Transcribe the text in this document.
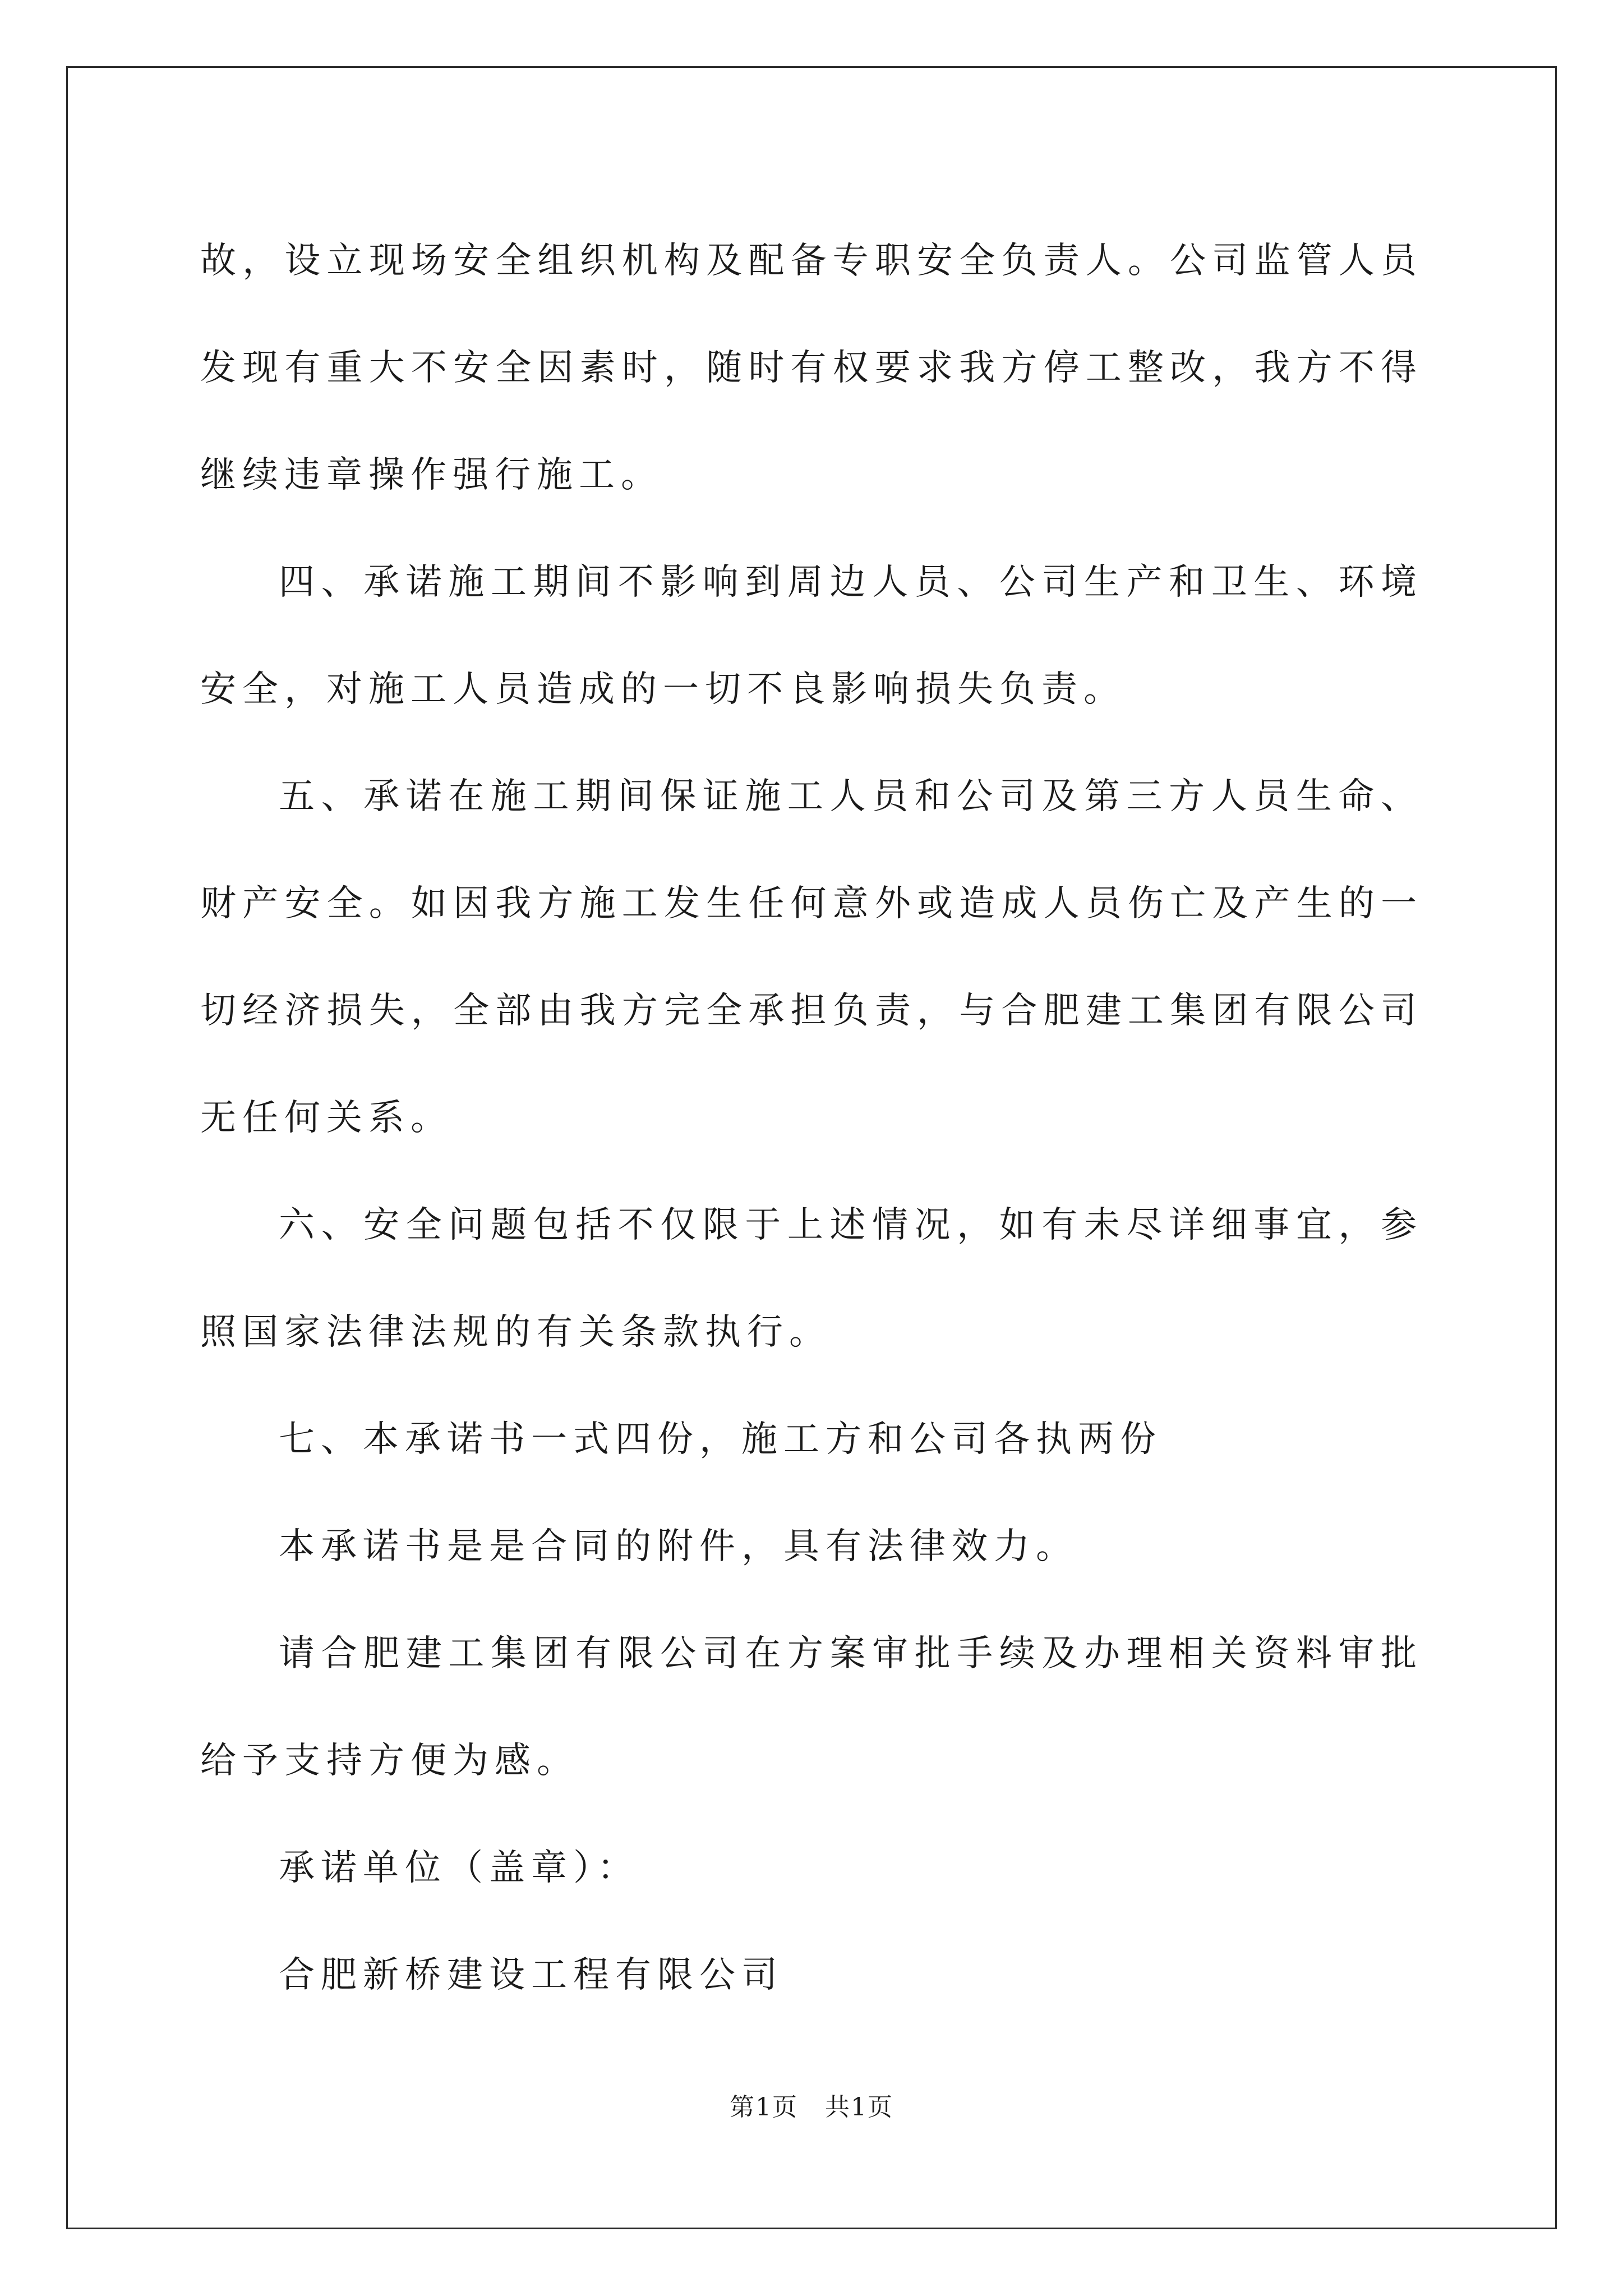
故，设立现场安全组织机构及配备专职安全负责人。公司监管人员发现有重大不安全因素时，随时有权要求我方停工整改，我方不得继续违章操作强行施工。

四、承诺施工期间不影响到周边人员、公司生产和卫生、环境安全，对施工人员造成的一切不良影响损失负责。

五、承诺在施工期间保证施工人员和公司及第三方人员生命、财产安全。如因我方施工发生任何意外或造成人员伤亡及产生的一切经济损失，全部由我方完全承担负责，与合肥建工集团有限公司无任何关系。

六、安全问题包括不仅限于上述情况，如有未尽详细事宜，参照国家法律法规的有关条款执行。

七、本承诺书一式四份，施工方和公司各执两份

本承诺书是是合同的附件，具有法律效力。

请合肥建工集团有限公司在方案审批手续及办理相关资料审批给予支持方便为感。

承诺单位（盖章）：

合肥新桥建设工程有限公司

第1页 共1页
